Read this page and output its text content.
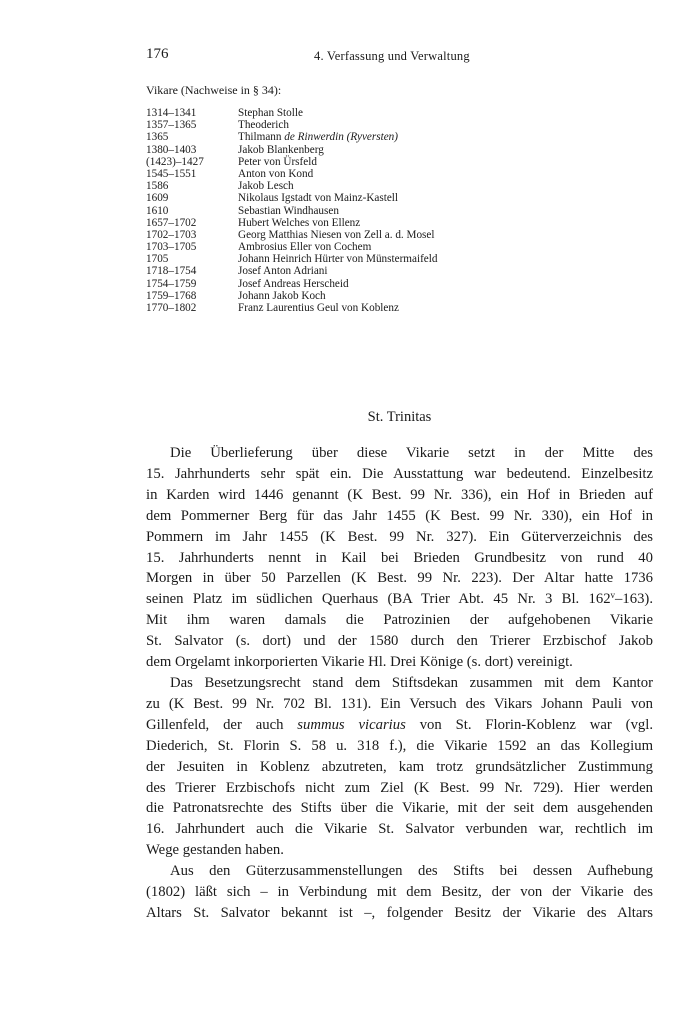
176	4. Verfassung und Verwaltung
Vikare (Nachweise in § 34):
1314–1341	Stephan Stolle
1357–1365	Theoderich
1365	Thilmann de Rinwerdin (Ryversten)
1380–1403	Jakob Blankenberg
(1423)–1427	Peter von Ürsfeld
1545–1551	Anton von Kond
1586	Jakob Lesch
1609	Nikolaus Igstadt von Mainz-Kastell
1610	Sebastian Windhausen
1657–1702	Hubert Welches von Ellenz
1702–1703	Georg Matthias Niesen von Zell a. d. Mosel
1703–1705	Ambrosius Eller von Cochem
1705	Johann Heinrich Hürter von Münstermaifeld
1718–1754	Josef Anton Adriani
1754–1759	Josef Andreas Herscheid
1759–1768	Johann Jakob Koch
1770–1802	Franz Laurentius Geul von Koblenz
St. Trinitas
Die Überlieferung über diese Vikarie setzt in der Mitte des
15. Jahrhunderts sehr spät ein. Die Ausstattung war bedeutend. Einzelbesitz
in Karden wird 1446 genannt (K Best. 99 Nr. 336), ein Hof in Brieden auf
dem Pommerner Berg für das Jahr 1455 (K Best. 99 Nr. 330), ein Hof in
Pommern im Jahr 1455 (K Best. 99 Nr. 327). Ein Güterverzeichnis des
15. Jahrhunderts nennt in Kail bei Brieden Grundbesitz von rund 40
Morgen in über 50 Parzellen (K Best. 99 Nr. 223). Der Altar hatte 1736
seinen Platz im südlichen Querhaus (BA Trier Abt. 45 Nr. 3 Bl. 162$^v$–163).
Mit ihm waren damals die Patrozinien der aufgehobenen Vikarie
St. Salvator (s. dort) und der 1580 durch den Trierer Erzbischof Jakob
dem Orgelamt inkorporierten Vikarie Hl. Drei Könige (s. dort) vereinigt.
Das Besetzungsrecht stand dem Stiftsdekan zusammen mit dem Kantor
zu (K Best. 99 Nr. 702 Bl. 131). Ein Versuch des Vikars Johann Pauli von
Gillenfeld, der auch summus vicarius von St. Florin-Koblenz war (vgl.
Diederich, St. Florin S. 58 u. 318 f.), die Vikarie 1592 an das Kollegium
der Jesuiten in Koblenz abzutreten, kam trotz grundsätzlicher Zustimmung
des Trierer Erzbischofs nicht zum Ziel (K Best. 99 Nr. 729). Hier werden
die Patronatsrechte des Stifts über die Vikarie, mit der seit dem ausgehenden
16. Jahrhundert auch die Vikarie St. Salvator verbunden war, rechtlich im
Wege gestanden haben.
Aus den Güterzusammenstellungen des Stifts bei dessen Aufhebung
(1802) läßt sich – in Verbindung mit dem Besitz, der von der Vikarie des
Altars St. Salvator bekannt ist –, folgender Besitz der Vikarie des Altars
